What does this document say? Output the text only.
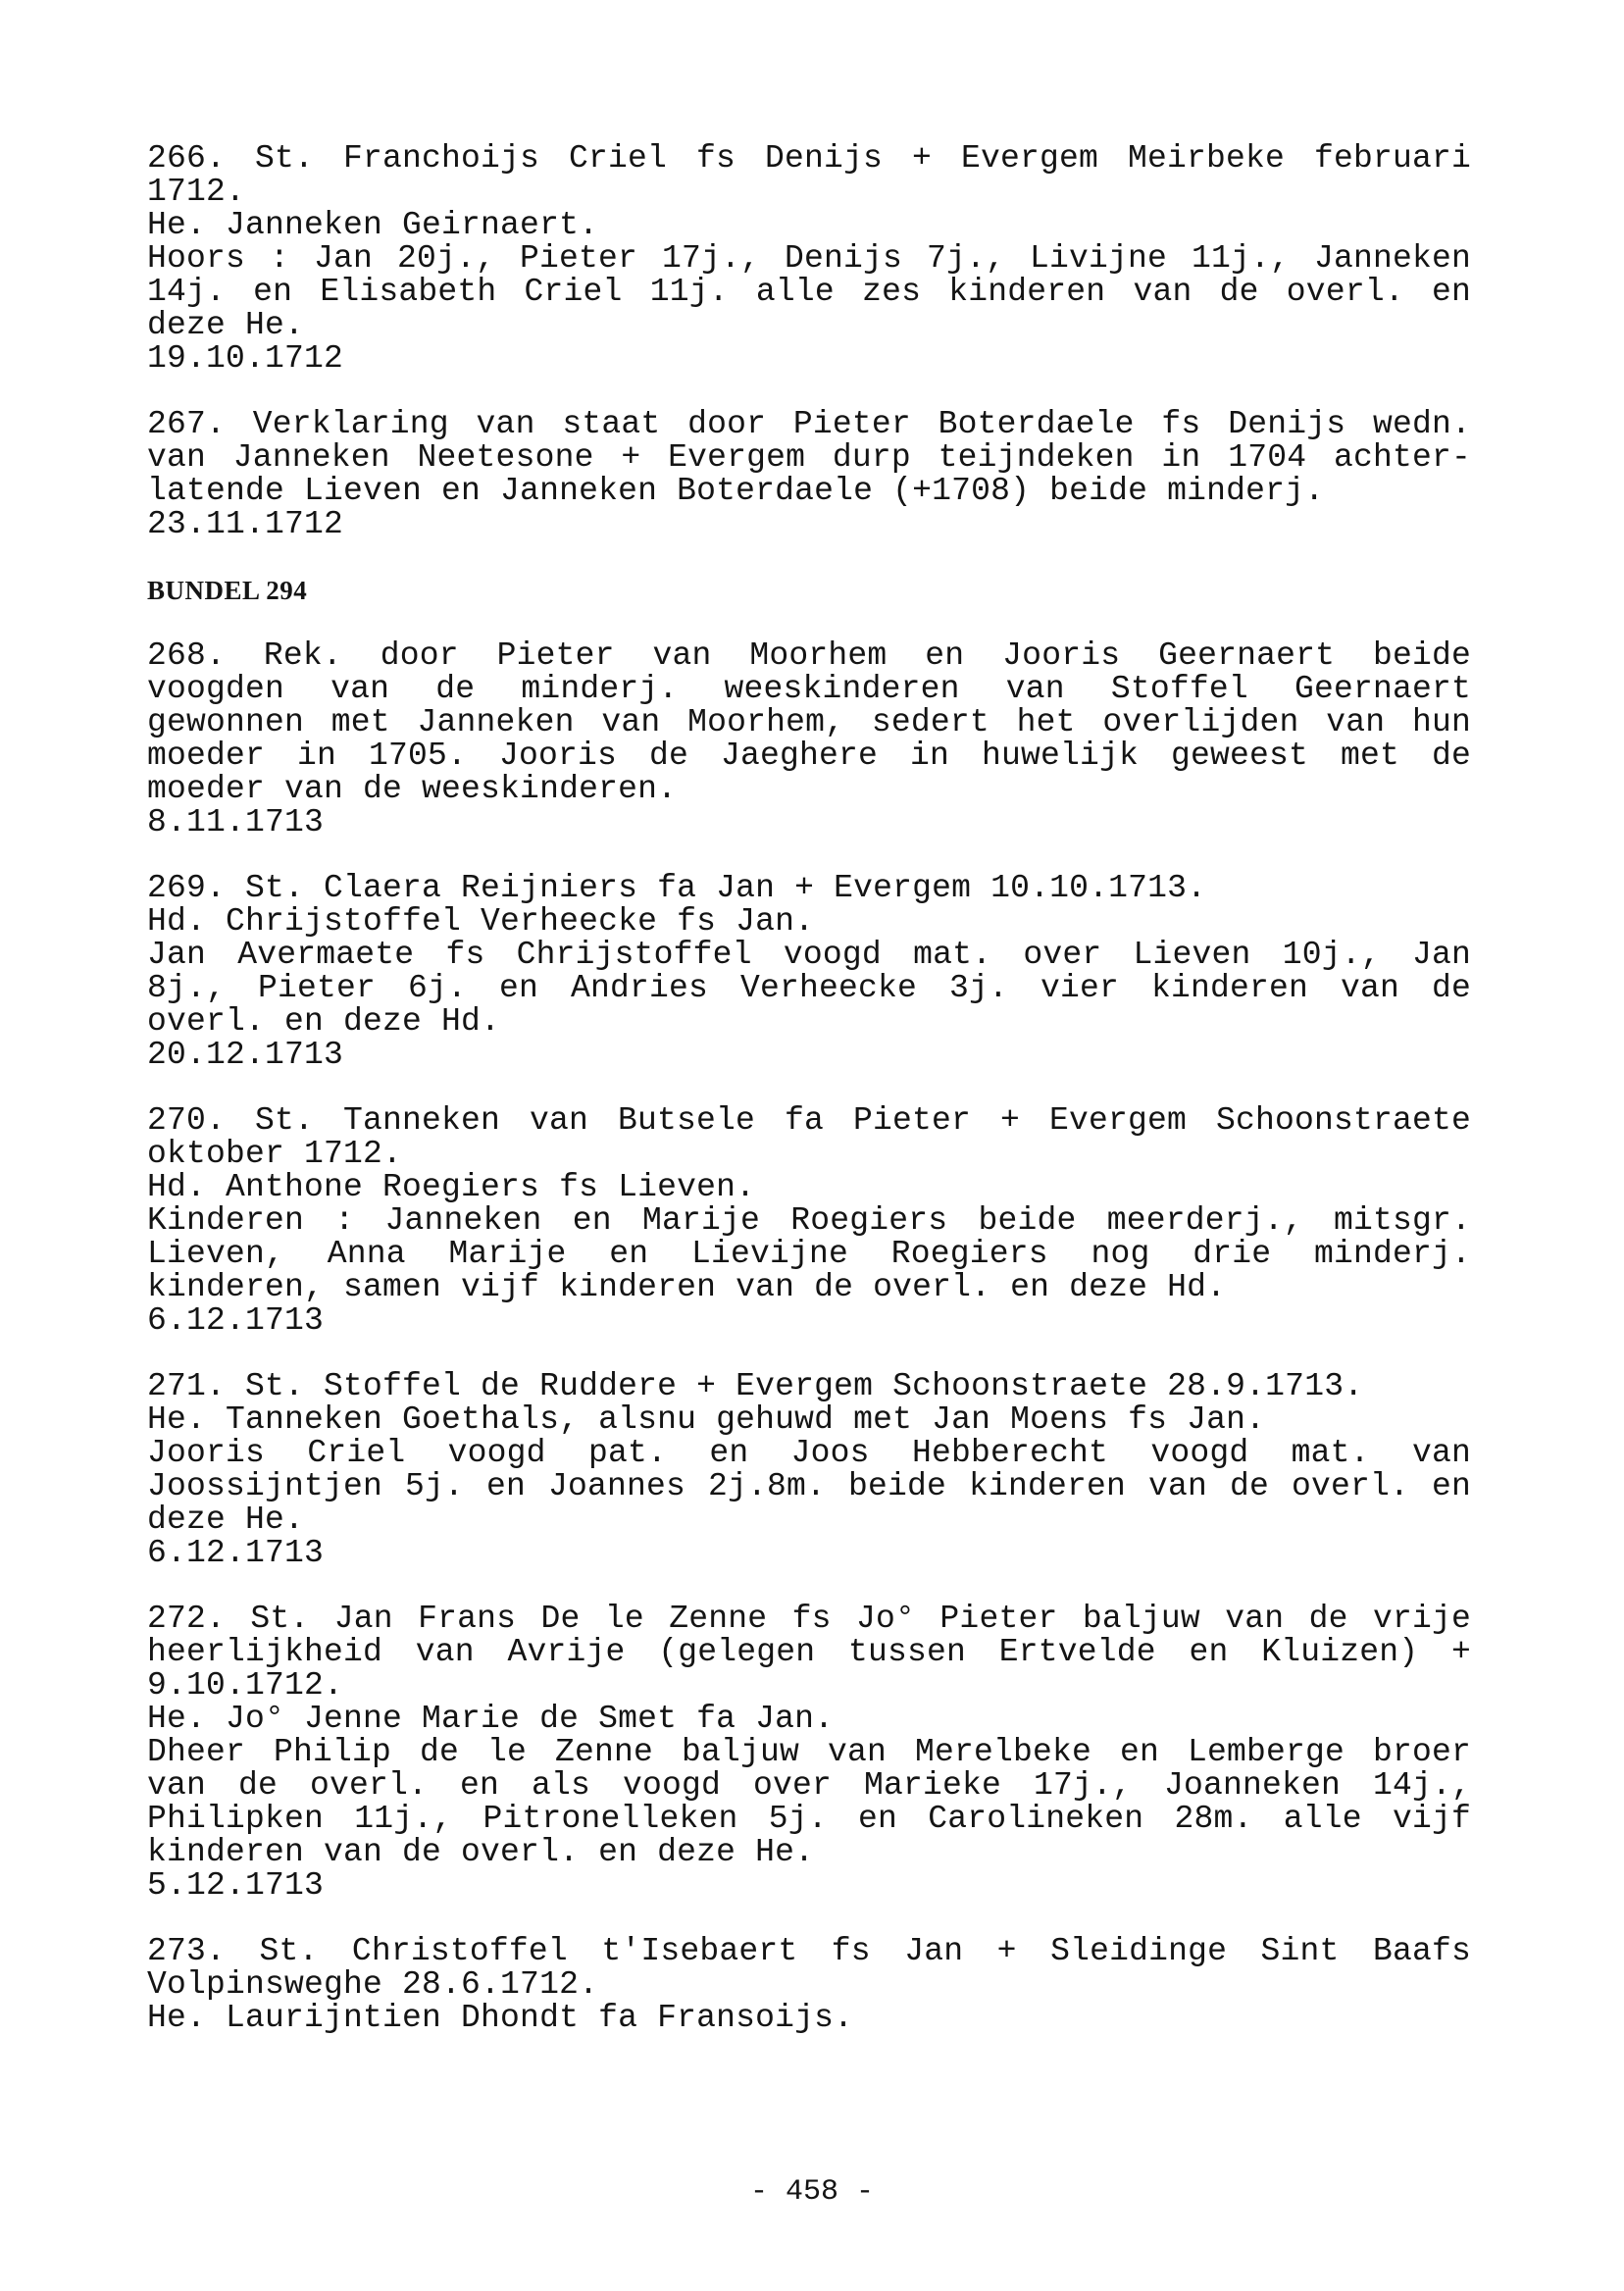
266. St. Franchoijs Criel fs Denijs + Evergem Meirbeke februari
1712.
He. Janneken Geirnaert.
Hoors : Jan 20j., Pieter 17j., Denijs 7j., Livijne 11j., Janneken
14j. en Elisabeth Criel 11j. alle zes kinderen van de overl. en
deze He.
19.10.1712
267. Verklaring van staat door Pieter Boterdaele fs Denijs wedn.
van Janneken Neetesone + Evergem durp teijndeken in 1704 achter-
latende Lieven en Janneken Boterdaele (+1708) beide minderj.
23.11.1712
BUNDEL 294
268. Rek. door Pieter van Moorhem en Jooris Geernaert beide
voogden van de minderj. weeskinderen van Stoffel Geernaert
gewonnen met Janneken van Moorhem, sedert het overlijden van hun
moeder in 1705. Jooris de Jaeghere in huwelijk geweest met de
moeder van de weeskinderen.
8.11.1713
269. St. Claera Reijniers fa Jan + Evergem 10.10.1713.
Hd. Chrijstoffel Verheecke fs Jan.
Jan Avermaete fs Chrijstoffel voogd mat. over Lieven 10j., Jan
8j., Pieter 6j. en Andries Verheecke 3j. vier kinderen van de
overl. en deze Hd.
20.12.1713
270. St. Tanneken van Butsele fa Pieter + Evergem Schoonstraete
oktober 1712.
Hd. Anthone Roegiers fs Lieven.
Kinderen : Janneken en Marije Roegiers beide meerderj., mitsgr.
Lieven, Anna Marije en Lievijne Roegiers nog drie minderj.
kinderen, samen vijf kinderen van de overl. en deze Hd.
6.12.1713
271. St. Stoffel de Ruddere + Evergem Schoonstraete 28.9.1713.
He. Tanneken Goethals, alsnu gehuwd met Jan Moens fs Jan.
Jooris Criel voogd pat. en Joos Hebberecht voogd mat. van
Joossijntjen 5j. en Joannes 2j.8m. beide kinderen van de overl. en
deze He.
6.12.1713
272. St. Jan Frans De le Zenne fs Jo° Pieter baljuw van de vrije
heerlijkheid van Avrije (gelegen tussen Ertvelde en Kluizen) +
9.10.1712.
He. Jo° Jenne Marie de Smet fa Jan.
Dheer Philip de le Zenne baljuw van Merelbeke en Lemberge broer
van de overl. en als voogd over Marieke 17j., Joanneken 14j.,
Philipken 11j., Pitronelleken 5j. en Carolineken 28m. alle vijf
kinderen van de overl. en deze He.
5.12.1713
273. St. Christoffel t'Isebaert fs Jan + Sleidinge Sint Baafs
Volpinsweghe 28.6.1712.
He. Laurijntien Dhondt fa Fransoijs.
- 458 -
